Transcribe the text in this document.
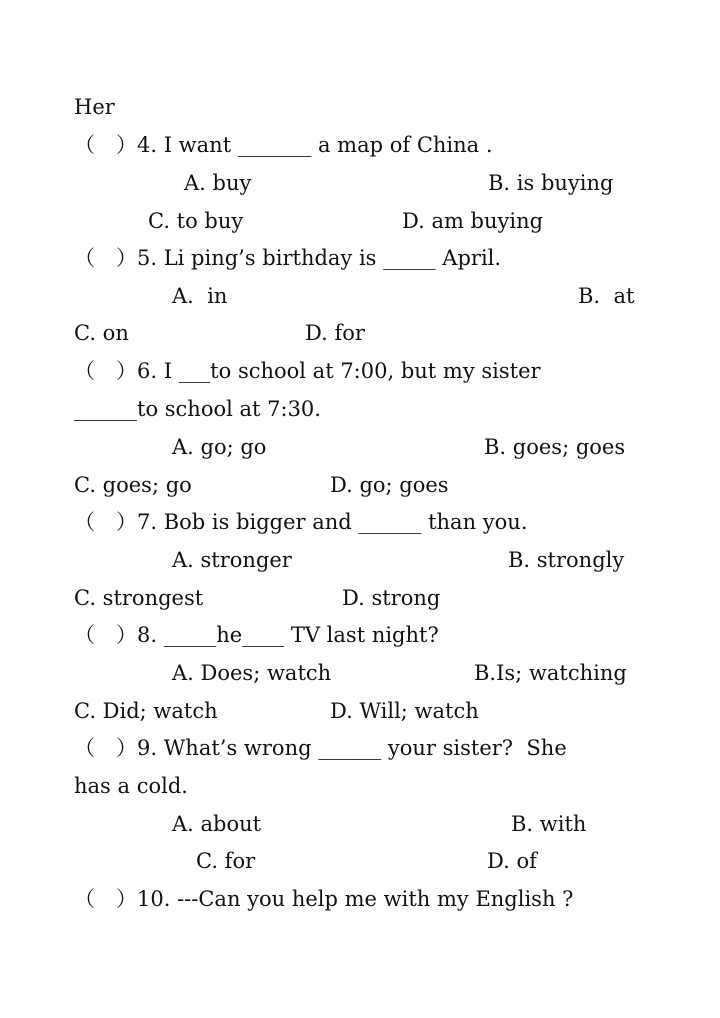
Her
（　）4. I want _______ a map of China .
A. buy	B. is buying
C. to buy	D. am buying
（　）5. Li ping’s birthday is _____ April.
A.  in	B.  at
C. on	D. for
（　）6. I ___to school at 7:00, but my sister
______to school at 7:30.
A. go; go	B. goes; goes
C. goes; go	D. go; goes
（　）7. Bob is bigger and ______ than you.
A. stronger	B. strongly
C. strongest	D. strong
（　）8. _____he____ TV last night?
A. Does; watch	B.Is; watching
C. Did; watch	D. Will; watch
（　）9. What’s wrong ______ your sister?  She
has a cold.
A. about	B. with
C. for	D. of
（　）10. ---Can you help me with my English ?
